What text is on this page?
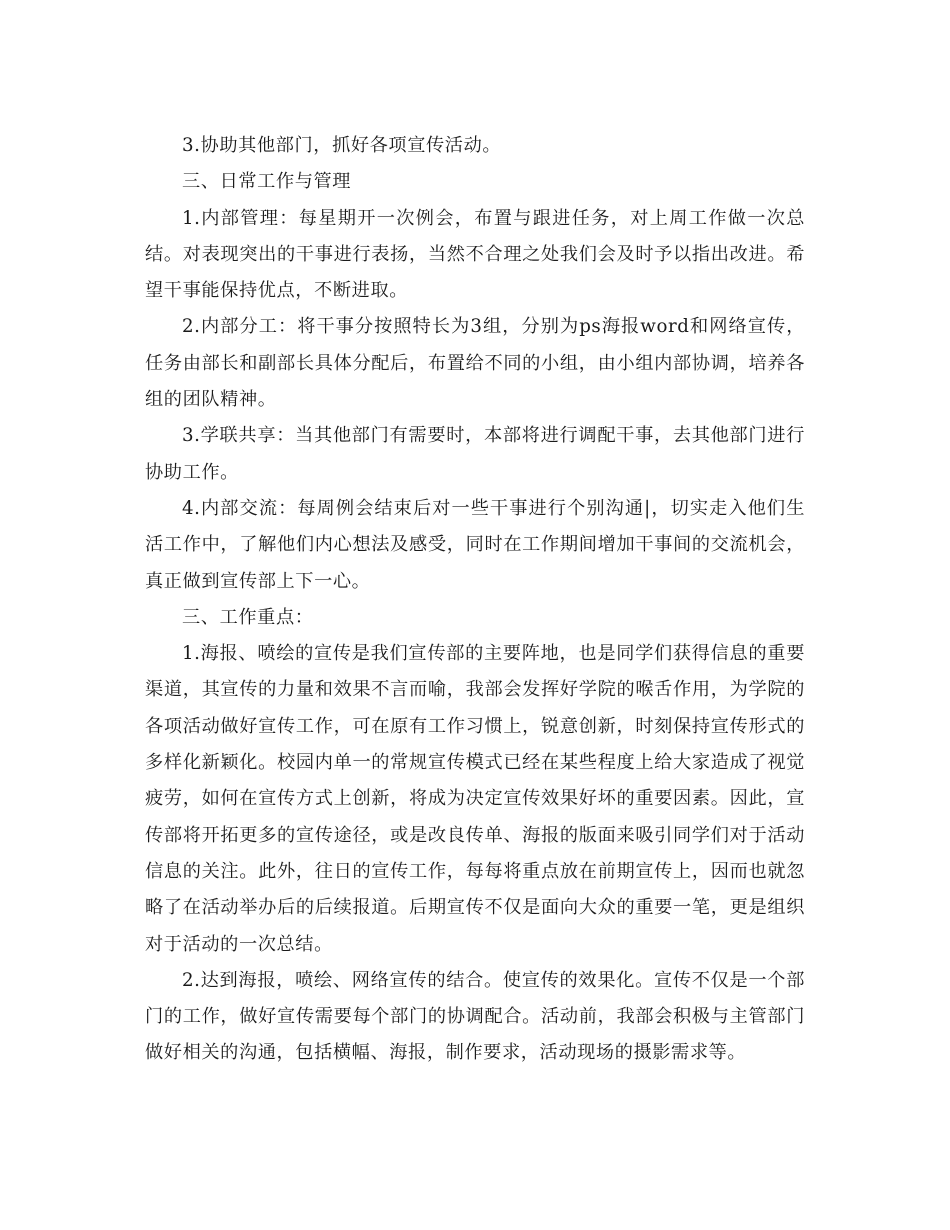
3.协助其他部门，抓好各项宣传活动。

三、日常工作与管理

1.内部管理：每星期开一次例会，布置与跟进任务，对上周工作做一次总结。对表现突出的干事进行表扬，当然不合理之处我们会及时予以指出改进。希望干事能保持优点，不断进取。

2.内部分工：将干事分按照特长为3组，分别为ps海报word和网络宣传，任务由部长和副部长具体分配后，布置给不同的小组，由小组内部协调，培养各组的团队精神。

3.学联共享：当其他部门有需要时，本部将进行调配干事，去其他部门进行协助工作。

4.内部交流：每周例会结束后对一些干事进行个别沟通|，切实走入他们生活工作中，了解他们内心想法及感受，同时在工作期间增加干事间的交流机会，真正做到宣传部上下一心。

三、工作重点：

1.海报、喷绘的宣传是我们宣传部的主要阵地，也是同学们获得信息的重要渠道，其宣传的力量和效果不言而喻，我部会发挥好学院的喉舌作用，为学院的各项活动做好宣传工作，可在原有工作习惯上，锐意创新，时刻保持宣传形式的多样化新颖化。校园内单一的常规宣传模式已经在某些程度上给大家造成了视觉疲劳，如何在宣传方式上创新，将成为决定宣传效果好坏的重要因素。因此，宣传部将开拓更多的宣传途径，或是改良传单、海报的版面来吸引同学们对于活动信息的关注。此外，往日的宣传工作，每每将重点放在前期宣传上，因而也就忽略了在活动举办后的后续报道。后期宣传不仅是面向大众的重要一笔，更是组织对于活动的一次总结。

2.达到海报，喷绘、网络宣传的结合。使宣传的效果化。宣传不仅是一个部门的工作，做好宣传需要每个部门的协调配合。活动前，我部会积极与主管部门做好相关的沟通，包括横幅、海报，制作要求，活动现场的摄影需求等。
